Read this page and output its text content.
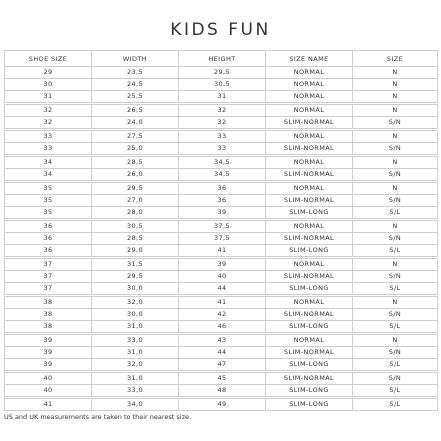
KIDS FUN
SHOE SIZE	WIDTH	HEIGHT	SIZE NAME	SIZE
29	23,5	29,5	NORMAL	N
30	24,5	30,5	NORMAL	N
31	25,5	31	NORMAL	N
32	26,5	32	NORMAL	N
32	24,0	32	SLIM-NORMAL	S/N
33	27,5	33	NORMAL	N
33	25,0	33	SLIM-NORMAL	S/N
34	28,5	34,5	NORMAL	N
34	26,0	34,5	SLIM-NORMAL	S/N
35	29,5	36	NORMAL	N
35	27,0	36	SLIM-NORMAL	S/N
35	28,0	39	SLIM-LONG	S/L
36	30,5	37,5	NORMAL	N
36	28,5	37,5	SLIM-NORMAL	S/N
36	29,0	41	SLIM-LONG	S/L
37	31,5	39	NORMAL	N
37	29,5	40	SLIM-NORMAL	S/N
37	30,0	44	SLIM-LONG	S/L
38	32,0	41	NORMAL	N
38	30,0	42	SLIM-NORMAL	S/N
38	31,0	46	SLIM-LONG	S/L
39	33,0	43	NORMAL	N
39	31,0	44	SLIM-NORMAL	S/N
39	32,0	47	SLIM-LONG	S/L
40	31,0	45	SLIM-NORMAL	S/N
40	33,0	48	SLIM-LONG	S/L
41	34,0	49	SLIM-LONG	S/L
US and UK measurements are taken to their nearest size.
